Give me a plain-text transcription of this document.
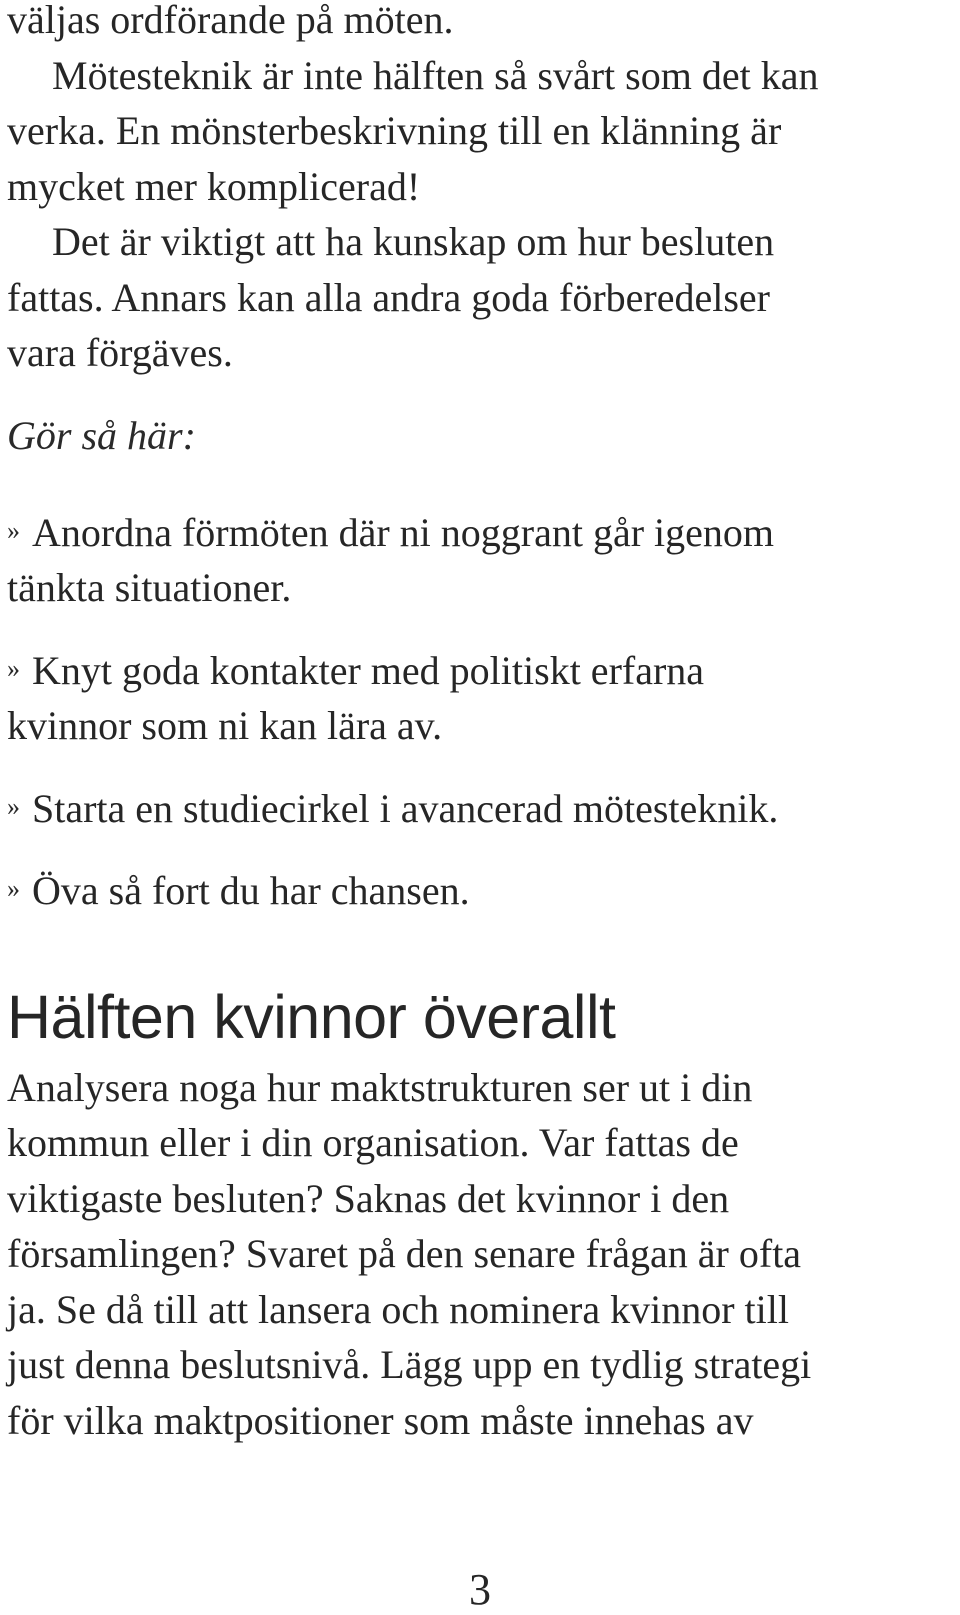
väljas ordförande på möten.

Mötesteknik är inte hälften så svårt som det kan

verka. En mönsterbeskrivning till en klänning är

mycket mer komplicerad!

Det är viktigt att ha kunskap om hur besluten

fattas. Annars kan alla andra goda förberedelser

vara förgäves.

Gör så här:

» Anordna förmöten där ni noggrant går igenom

tänkta situationer.

» Knyt goda kontakter med politiskt erfarna

kvinnor som ni kan lära av.

» Starta en studiecirkel i avancerad mötesteknik.

» Öva så fort du har chansen.

Hälften kvinnor överallt

Analysera noga hur maktstrukturen ser ut i din

kommun eller i din organisation. Var fattas de

viktigaste besluten? Saknas det kvinnor i den

församlingen? Svaret på den senare frågan är ofta

ja. Se då till att lansera och nominera kvinnor till

just denna beslutsnivå. Lägg upp en tydlig strategi

för vilka maktpositioner som måste innehas av

3
